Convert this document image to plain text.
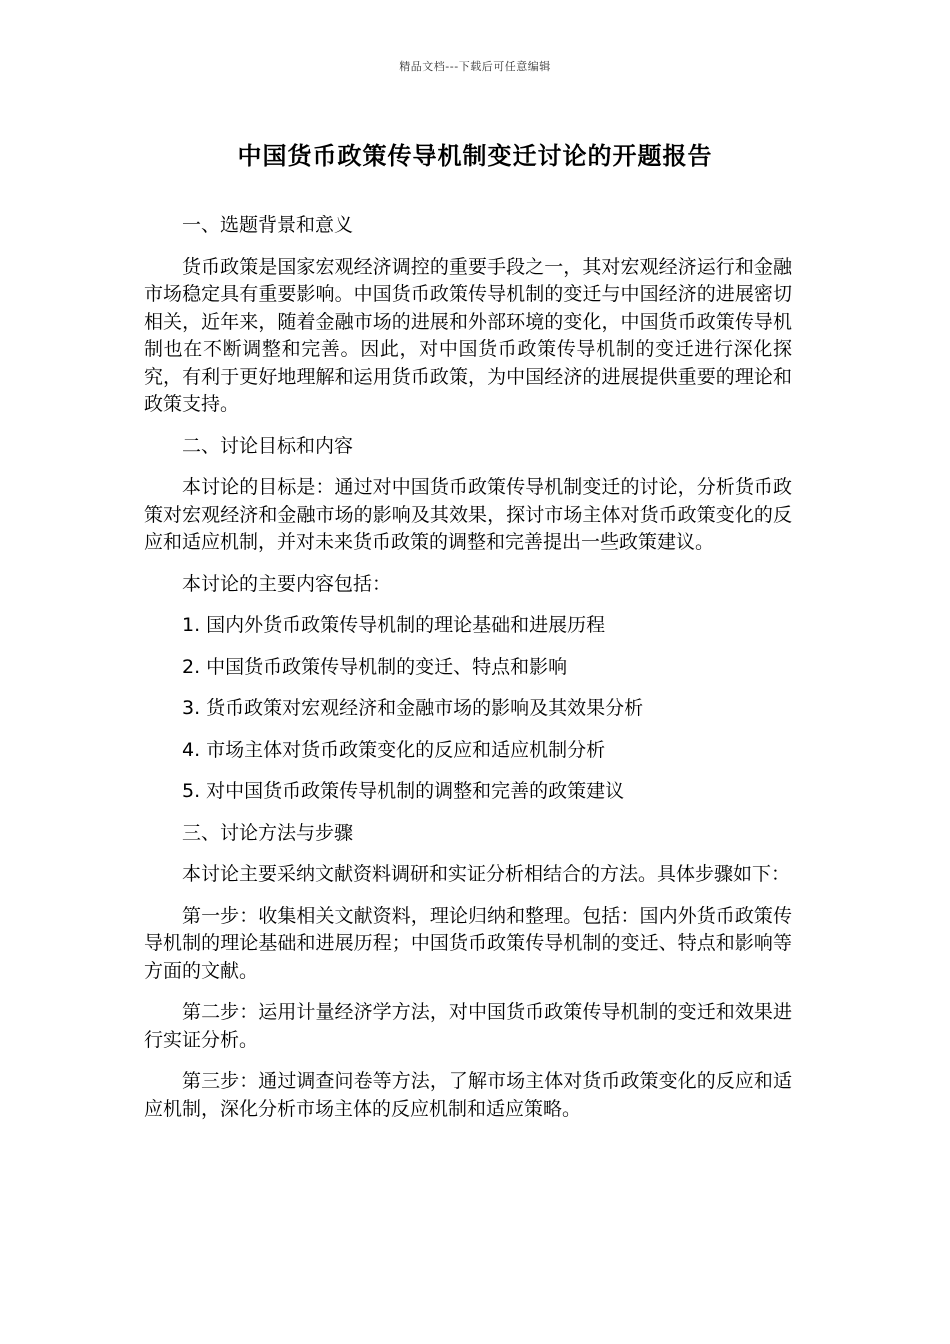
精品文档---下载后可任意编辑
中国货币政策传导机制变迁讨论的开题报告

一、选题背景和意义

货币政策是国家宏观经济调控的重要手段之一，其对宏观经济运行和金融市场稳定具有重要影响。中国货币政策传导机制的变迁与中国经济的进展密切相关，近年来，随着金融市场的进展和外部环境的变化，中国货币政策传导机制也在不断调整和完善。因此，对中国货币政策传导机制的变迁进行深化探究，有利于更好地理解和运用货币政策，为中国经济的进展提供重要的理论和政策支持。

二、讨论目标和内容

本讨论的目标是：通过对中国货币政策传导机制变迁的讨论，分析货币政策对宏观经济和金融市场的影响及其效果，探讨市场主体对货币政策变化的反应和适应机制，并对未来货币政策的调整和完善提出一些政策建议。

本讨论的主要内容包括：

1. 国内外货币政策传导机制的理论基础和进展历程

2. 中国货币政策传导机制的变迁、特点和影响

3. 货币政策对宏观经济和金融市场的影响及其效果分析

4. 市场主体对货币政策变化的反应和适应机制分析

5. 对中国货币政策传导机制的调整和完善的政策建议

三、讨论方法与步骤

本讨论主要采纳文献资料调研和实证分析相结合的方法。具体步骤如下：

第一步：收集相关文献资料，理论归纳和整理。包括：国内外货币政策传导机制的理论基础和进展历程；中国货币政策传导机制的变迁、特点和影响等方面的文献。

第二步：运用计量经济学方法，对中国货币政策传导机制的变迁和效果进行实证分析。

第三步：通过调查问卷等方法，了解市场主体对货币政策变化的反应和适应机制，深化分析市场主体的反应机制和适应策略。
